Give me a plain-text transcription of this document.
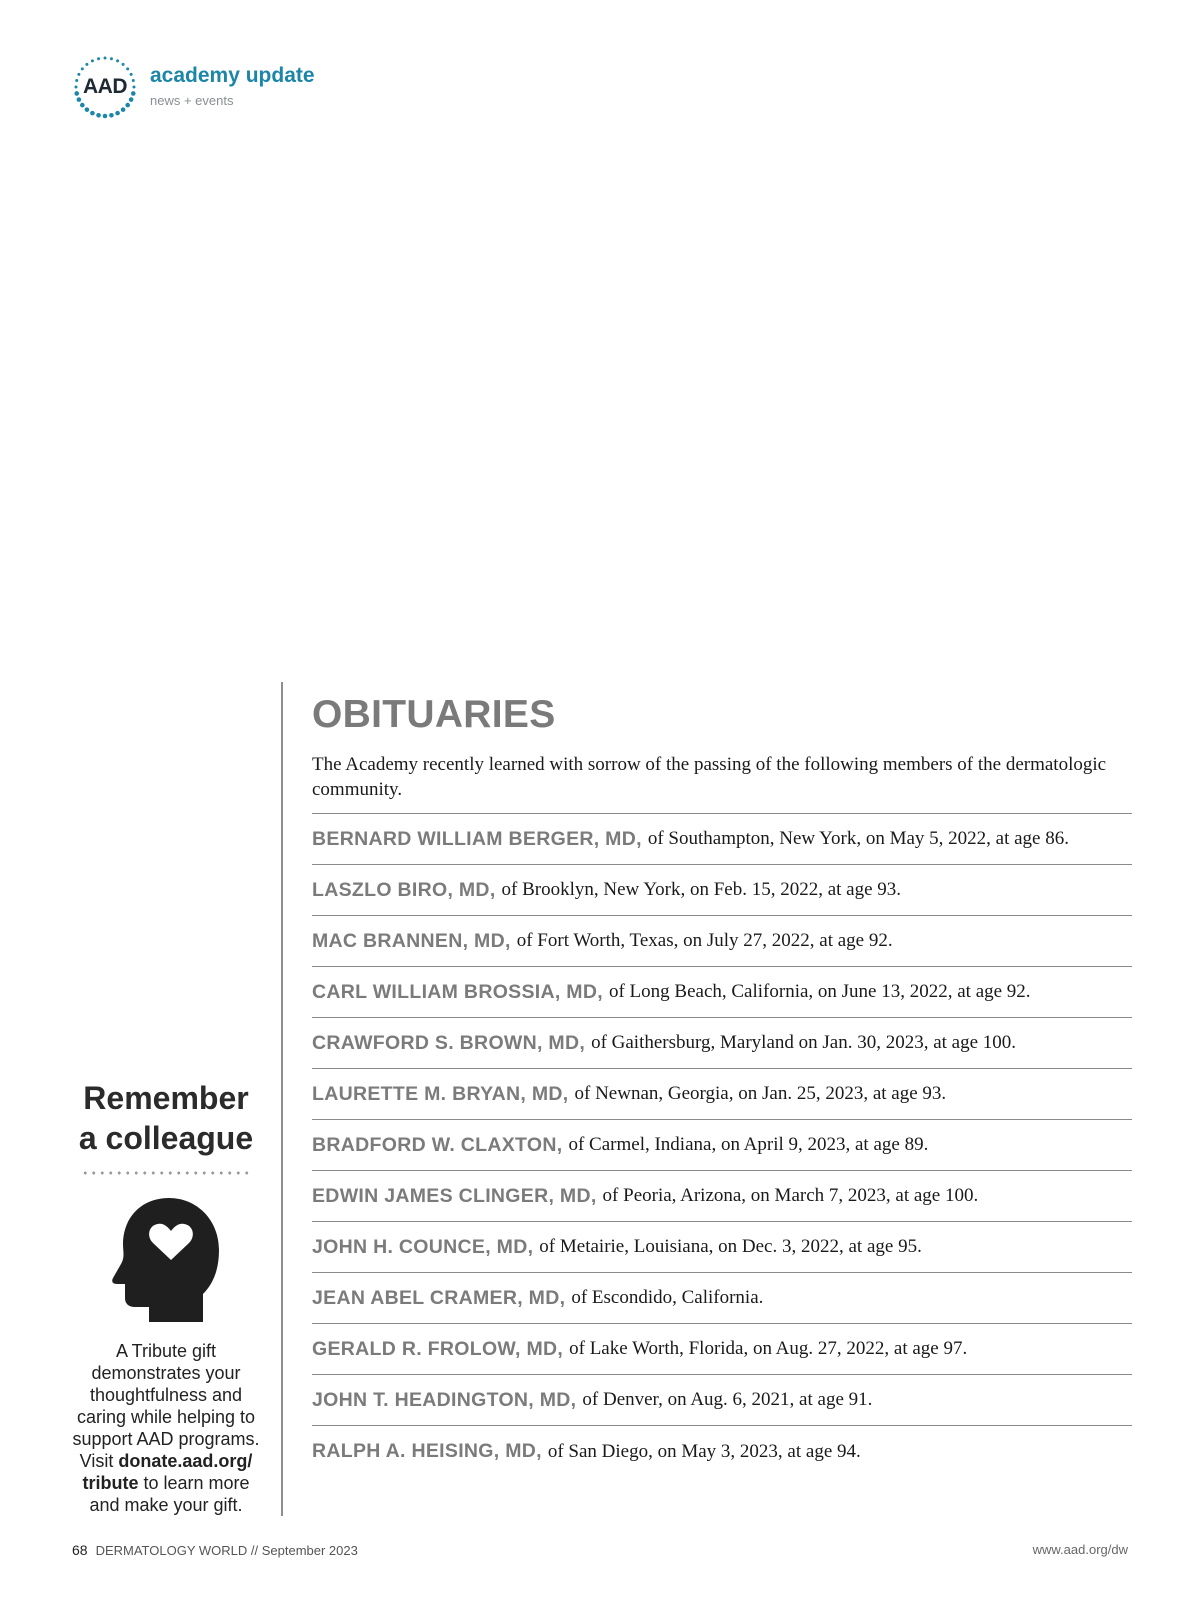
AAD	academy update
news + events

Remember
a colleague

A Tribute gift demonstrates your thoughtfulness and caring while helping to support AAD programs. Visit donate.aad.org/ tribute to learn more and make your gift.
OBITUARIES
The Academy recently learned with sorrow of the passing of the following members of the dermatologic community.
BERNARD WILLIAM BERGER, MD, of Southampton, New York, on May 5, 2022, at age 86.
LASZLO BIRO, MD, of Brooklyn, New York, on Feb. 15, 2022, at age 93.
MAC BRANNEN, MD, of Fort Worth, Texas, on July 27, 2022, at age 92.
CARL WILLIAM BROSSIA, MD, of Long Beach, California, on June 13, 2022, at age 92.
CRAWFORD S. BROWN, MD, of Gaithersburg, Maryland on Jan. 30, 2023, at age 100.
LAURETTE M. BRYAN, MD, of Newnan, Georgia, on Jan. 25, 2023, at age 93.
BRADFORD W. CLAXTON, of Carmel, Indiana, on April 9, 2023, at age 89.
EDWIN JAMES CLINGER, MD, of Peoria, Arizona, on March 7, 2023, at age 100.
JOHN H. COUNCE, MD, of Metairie, Louisiana, on Dec. 3, 2022, at age 95.
JEAN ABEL CRAMER, MD, of Escondido, California.
GERALD R. FROLOW, MD, of Lake Worth, Florida, on Aug. 27, 2022, at age 97.
JOHN T. HEADINGTON, MD, of Denver, on Aug. 6, 2021, at age 91.
RALPH A. HEISING, MD, of San Diego, on May 3, 2023, at age 94.
68 DERMATOLOGY WORLD // September 2023	www.aad.org/dw
